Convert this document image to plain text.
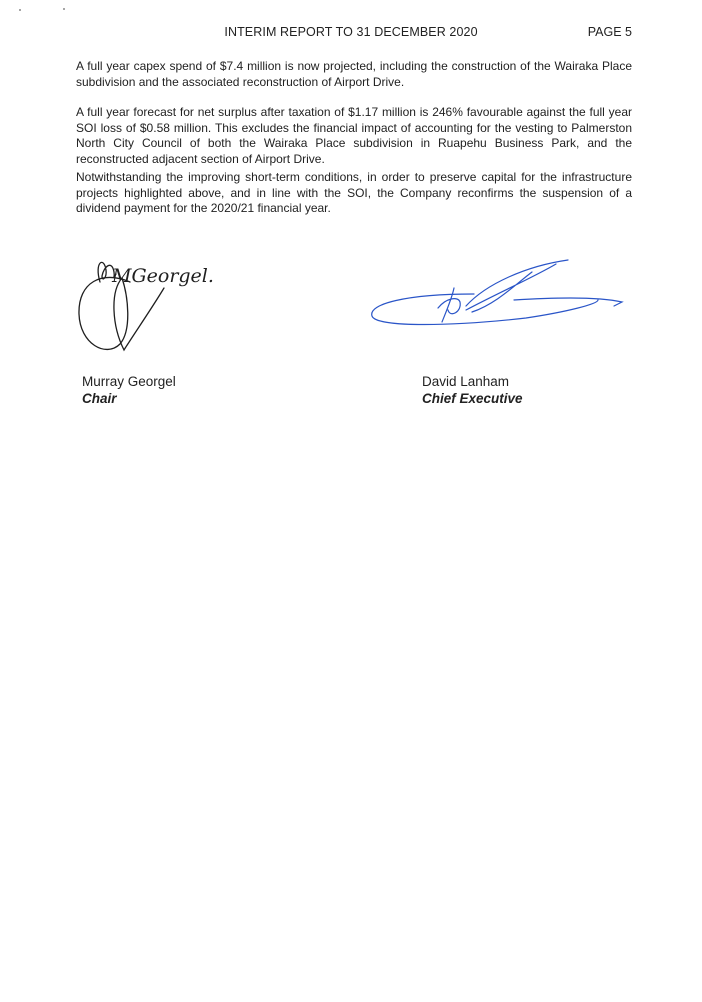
INTERIM REPORT TO 31 DECEMBER 2020	PAGE 5

A full year capex spend of $7.4 million is now projected, including the construction of the Wairaka Place subdivision and the associated reconstruction of Airport Drive.

A full year forecast for net surplus after taxation of $1.17 million is 246% favourable against the full year SOI loss of $0.58 million. This excludes the financial impact of accounting for the vesting to Palmerston North City Council of both the Wairaka Place subdivision in Ruapehu Business Park, and the reconstructed adjacent section of Airport Drive.

Notwithstanding the improving short-term conditions, in order to preserve capital for the infrastructure projects highlighted above, and in line with the SOI, the Company reconfirms the suspension of a dividend payment for the 2020/21 financial year.

MGeorgel.
Murray Georgel
Chair
David Lanham
Chief Executive
